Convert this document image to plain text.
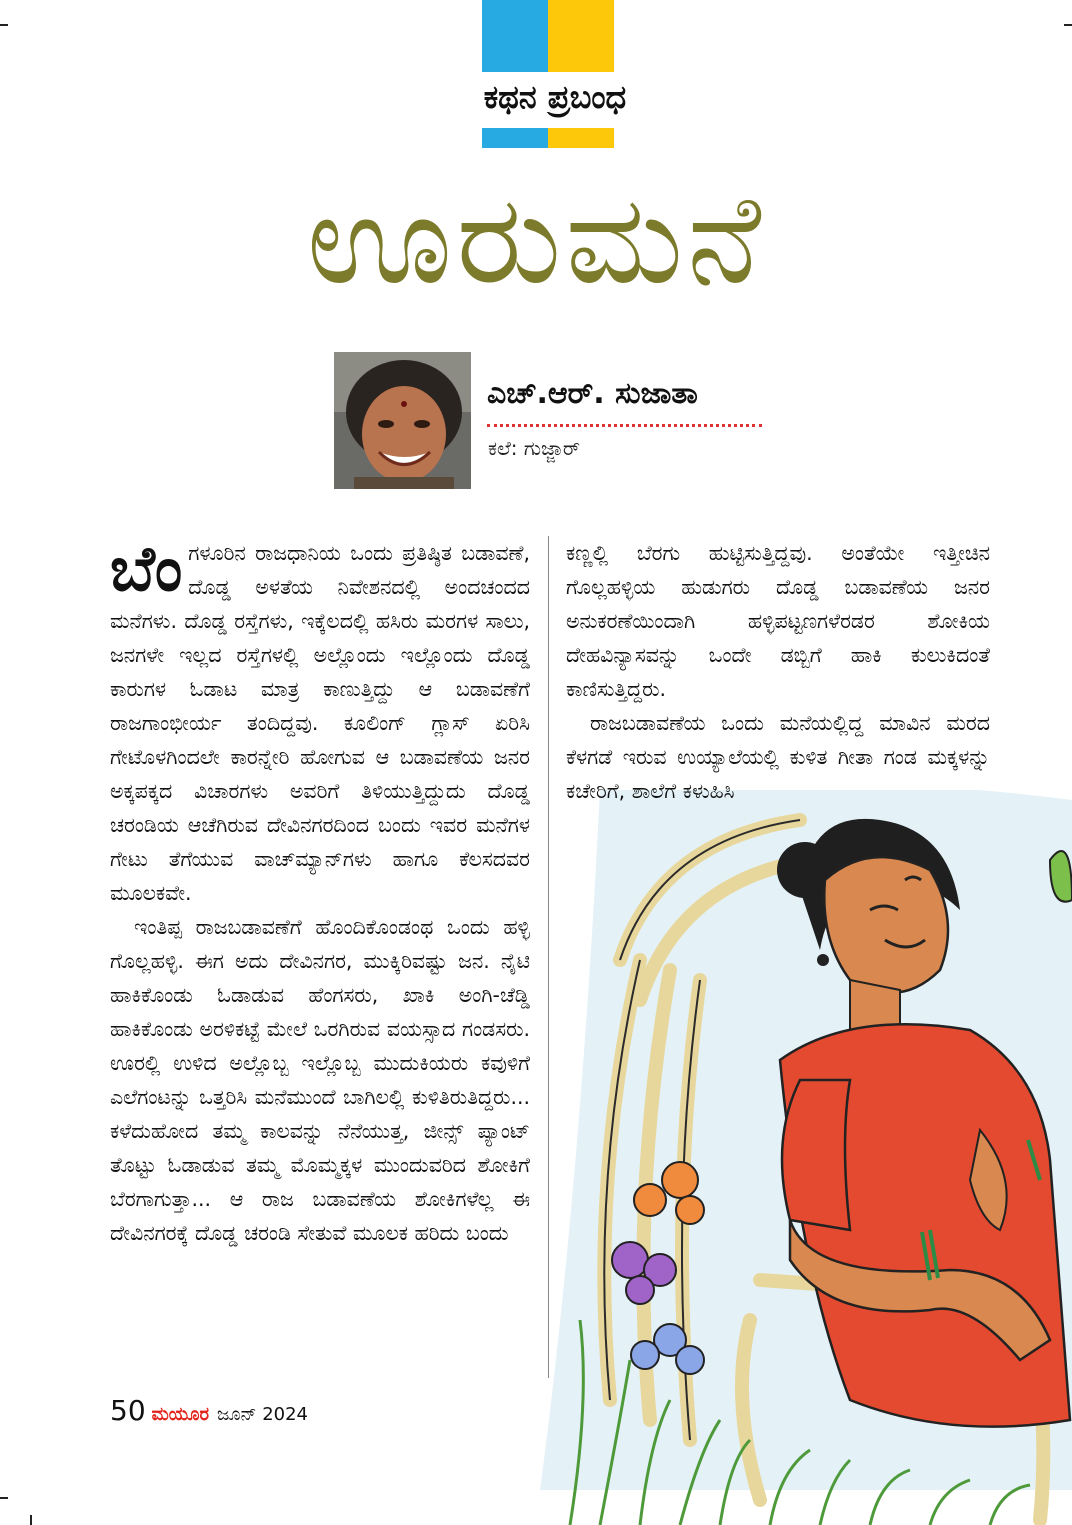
ಕಥನ ಪ್ರಬಂಧ
ಊರುಮನೆ
ಎಚ್‌.ಆರ್‌. ಸುಜಾತಾ
ಕಲೆ: ಗುಜ್ಜಾರ್

ಬೆಂ ಗಳೂರಿನ ರಾಜಧಾನಿಯ ಒಂದು ಪ್ರತಿಷ್ಠಿತ ಬಡಾವಣೆ, ದೊಡ್ಡ ಅಳತೆಯ ನಿವೇಶನದಲ್ಲಿ ಅಂದಚಂದದ ಮನೆಗಳು. ದೊಡ್ಡ ರಸ್ತೆಗಳು, ಇಕ್ಕೆಲದಲ್ಲಿ ಹಸಿರು ಮರಗಳ ಸಾಲು, ಜನಗಳೇ ಇಲ್ಲದ ರಸ್ತೆಗಳಲ್ಲಿ ಅಲ್ಲೊಂದು ಇಲ್ಲೊಂದು ದೊಡ್ಡ ಕಾರುಗಳ ಓಡಾಟ ಮಾತ್ರ ಕಾಣುತ್ತಿದ್ದು ಆ ಬಡಾವಣೆಗೆ ರಾಜಗಾಂಭೀರ್ಯ ತಂದಿದ್ದವು. ಕೂಲಿಂಗ್ ಗ್ಲಾಸ್ ಏರಿಸಿ ಗೇಟೊಳಗಿಂದಲೇ ಕಾರನ್ನೇರಿ ಹೋಗುವ ಆ ಬಡಾವಣೆಯ ಜನರ ಅಕ್ಕಪಕ್ಕದ ವಿಚಾರಗಳು ಅವರಿಗೆ ತಿಳಿಯುತ್ತಿದ್ದುದು ದೊಡ್ಡ ಚರಂಡಿಯ ಆಚೆಗಿರುವ ದೇವಿನಗರದಿಂದ ಬಂದು ಇವರ ಮನೆಗಳ ಗೇಟು ತೆಗೆಯುವ ವಾಚ್‌ಮ್ಯಾನ್‌ಗಳು ಹಾಗೂ ಕೆಲಸದವರ ಮೂಲಕವೇ.

ಇಂತಿಪ್ಪ ರಾಜಬಡಾವಣೆಗೆ ಹೊಂದಿಕೊಂಡಂಥ ಒಂದು ಹಳ್ಳಿ ಗೊಲ್ಲಹಳ್ಳಿ. ಈಗ ಅದು ದೇವಿನಗರ, ಮುಕ್ಕಿರಿವಷ್ಟು ಜನ. ನೈಟಿ ಹಾಕಿಕೊಂಡು ಓಡಾಡುವ ಹೆಂಗಸರು, ಖಾಕಿ ಅಂಗಿ-ಚೆಡ್ಡಿ ಹಾಕಿಕೊಂಡು ಅರಳಿಕಟ್ಟೆ ಮೇಲೆ ಒರಗಿರುವ ವಯಸ್ಸಾದ ಗಂಡಸರು. ಊರಲ್ಲಿ ಉಳಿದ ಅಲ್ಲೊಬ್ಬ ಇಲ್ಲೊಬ್ಬ ಮುದುಕಿಯರು ಕವುಳಿಗೆ ಎಲೆಗಂಟನ್ನು ಒತ್ತರಿಸಿ ಮನೆಮುಂದೆ ಬಾಗಿಲಲ್ಲಿ ಕುಳಿತಿರುತಿದ್ದರು... ಕಳೆದುಹೋದ ತಮ್ಮ ಕಾಲವನ್ನು ನೆನೆಯುತ್ತ, ಜೀನ್ಸ್ ಪ್ಯಾಂಟ್ ತೊಟ್ಟು ಓಡಾಡುವ ತಮ್ಮ ಮೊಮ್ಮಕ್ಕಳ ಮುಂದುವರಿದ ಶೋಕಿಗೆ ಬೆರಗಾಗುತ್ತಾ... ಆ ರಾಜ ಬಡಾವಣೆಯ ಶೋಕಿಗಳೆಲ್ಲ ಈ ದೇವಿನಗರಕ್ಕೆ ದೊಡ್ಡ ಚರಂಡಿ ಸೇತುವೆ ಮೂಲಕ ಹರಿದು ಬಂದು

ಕಣ್ಣಲ್ಲಿ ಬೆರಗು ಹುಟ್ಟಿಸುತ್ತಿದ್ದವು. ಅಂತೆಯೇ ಇತ್ತೀಚಿನ ಗೊಲ್ಲಹಳ್ಳಿಯ ಹುಡುಗರು ದೊಡ್ಡ ಬಡಾವಣೆಯ ಜನರ ಅನುಕರಣೆಯಿಂದಾಗಿ ಹಳ್ಳಿಪಟ್ಟಣಗಳೆರಡರ ಶೋಕಿಯ ದೇಹವಿನ್ಯಾಸವನ್ನು ಒಂದೇ ಡಬ್ಬಿಗೆ ಹಾಕಿ ಕುಲುಕಿದಂತೆ ಕಾಣಿಸುತ್ತಿದ್ದರು.

ರಾಜಬಡಾವಣೆಯ ಒಂದು ಮನೆಯಲ್ಲಿದ್ದ ಮಾವಿನ ಮರದ ಕೆಳಗಡೆ ಇರುವ ಉಯ್ಯಾಲೆಯಲ್ಲಿ ಕುಳಿತ ಗೀತಾ ಗಂಡ ಮಕ್ಕಳನ್ನು ಕಚೇರಿಗೆ, ಶಾಲೆಗೆ ಕಳುಹಿಸಿ

50 ಮಯೂರ ಜೂನ್ 2024
